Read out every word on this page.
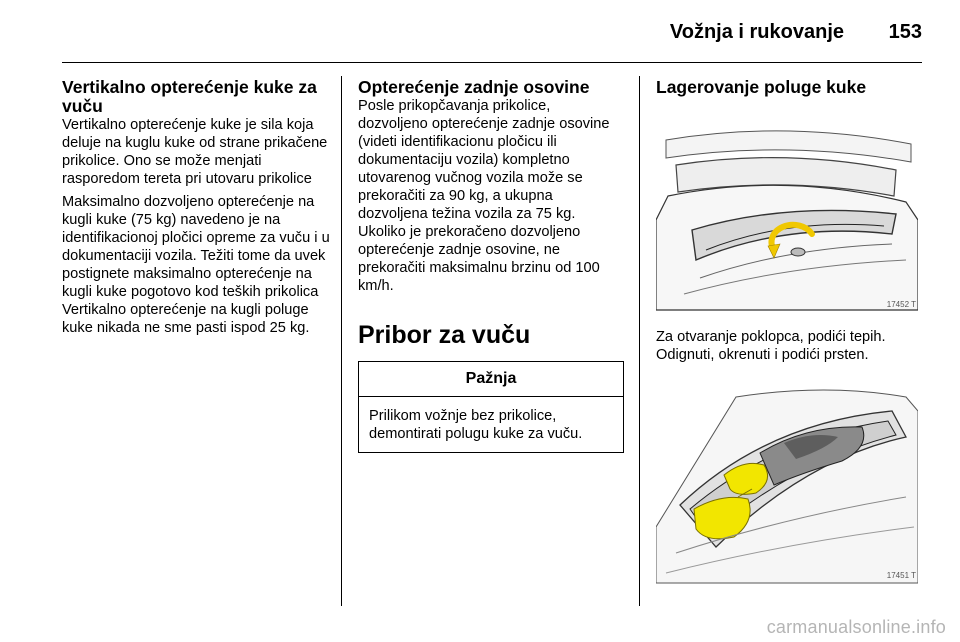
Vožnja i rukovanje 153
Vertikalno opterećenje kuke za vuču

Vertikalno opterećenje kuke je sila koja deluje na kuglu kuke od strane prikačene prikolice. Ono se može menjati rasporedom tereta pri utovaru prikolice

Maksimalno dozvoljeno opterećenje na kugli kuke (75 kg) navedeno je na identifikacionoj pločici opreme za vuču i u dokumentaciji vozila. Težiti tome da uvek postignete maksimalno opterećenje na kugli kuke pogotovo kod teških prikolica Vertikalno opterećenje na kugli poluge kuke nikada ne sme pasti ispod 25 kg.

Opterećenje zadnje osovine

Posle prikopčavanja prikolice, dozvoljeno opterećenje zadnje osovine (videti identifikacionu pločicu ili dokumentaciju vozila) kompletno utovarenog vučnog vozila može se prekoračiti za 90 kg, a ukupna dozvoljena težina vozila za 75 kg. Ukoliko je prekoračeno dozvoljeno opterećenje zadnje osovine, ne prekoračiti maksimalnu brzinu od 100 km/h.

Pribor za vuču
Pažnja
Prilikom vožnje bez prikolice, demontirati polugu kuke za vuču.
Lagerovanje poluge kuke
17452 T

Za otvaranje poklopca, podići tepih. Odignuti, okrenuti i podići prsten.

17451 T
carmanualsonline.info
